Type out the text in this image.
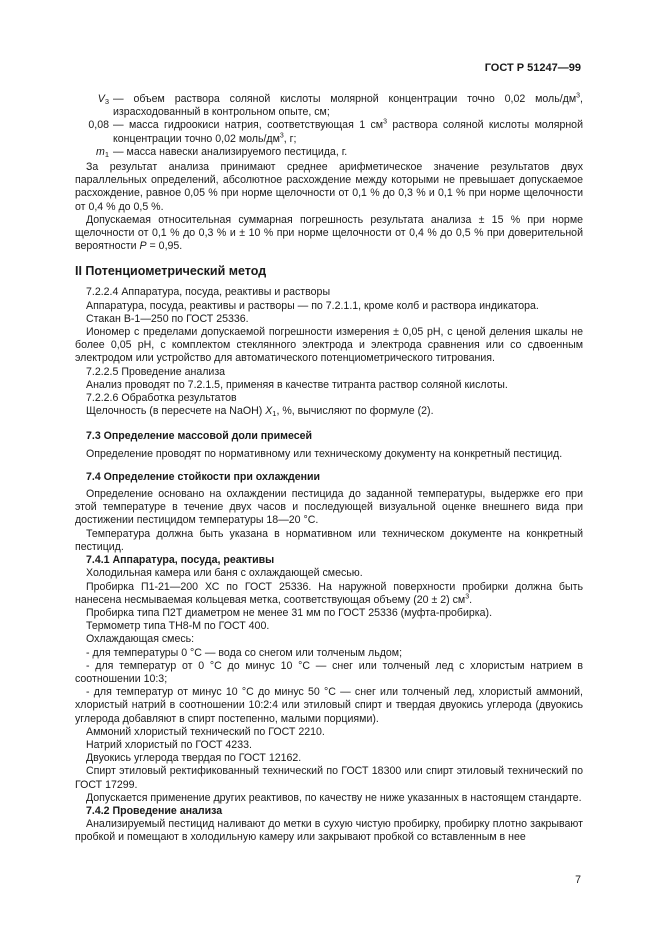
ГОСТ Р 51247—99
$V_3$ — объем раствора соляной кислоты молярной концентрации точно 0,02 моль/$дм^3$, израсходованный в контрольном опыте, см;
0,08 — масса гидроокиси натрия, соответствующая 1 $см^3$ раствора соляной кислоты молярной концентрации точно 0,02 моль/$дм^3$, г;
$m_1$ — масса навески анализируемого пестицида, г.

За результат анализа принимают среднее арифметическое значение результатов двух параллельных определений, абсолютное расхождение между которыми не превышает допускаемое расхождение, равное 0,05 % при норме щелочности от 0,1 % до 0,3 % и 0,1 % при норме щелочности от 0,4 % до 0,5 %.

Допускаемая относительная суммарная погрешность результата анализа ± 15 % при норме щелочности от 0,1 % до 0,3 % и ± 10 % при норме щелочности от 0,4 % до 0,5 % при доверительной вероятности P = 0,95.

II Потенциометрический метод

7.2.2.4 Аппаратура, посуда, реактивы и растворы

Аппаратура, посуда, реактивы и растворы — по 7.2.1.1, кроме колб и раствора индикатора.

Стакан В-1—250 по ГОСТ 25336.

Иономер с пределами допускаемой погрешности измерения ± 0,05 pH, с ценой деления шкалы не более 0,05 pH, с комплектом стеклянного электрода и электрода сравнения или со сдвоенным электродом или устройство для автоматического потенциометрического титрования.

7.2.2.5 Проведение анализа

Анализ проводят по 7.2.1.5, применяя в качестве титранта раствор соляной кислоты.

7.2.2.6 Обработка результатов

Щелочность (в пересчете на NaOH) $X_1$, %, вычисляют по формуле (2).

7.3 Определение массовой доли примесей

Определение проводят по нормативному или техническому документу на конкретный пестицид.

7.4 Определение стойкости при охлаждении

Определение основано на охлаждении пестицида до заданной температуры, выдержке его при этой температуре в течение двух часов и последующей визуальной оценке внешнего вида при достижении пестицидом температуры 18—20 °С.

Температура должна быть указана в нормативном или техническом документе на конкретный пестицид.

7.4.1 Аппаратура, посуда, реактивы

Холодильная камера или баня с охлаждающей смесью.

Пробирка П1-21—200 ХС по ГОСТ 25336. На наружной поверхности пробирки должна быть нанесена несмываемая кольцевая метка, соответствующая объему (20 ± 2) $см^3$.

Пробирка типа П2Т диаметром не менее 31 мм по ГОСТ 25336 (муфта-пробирка).

Термометр типа ТН8-М по ГОСТ 400.

Охлаждающая смесь:

- для температуры 0 °С — вода со снегом или толченым льдом;

- для температур от 0 °С до минус 10 °С — снег или толченый лед с хлористым натрием в соотношении 10:3;

- для температур от минус 10 °С до минус 50 °С — снег или толченый лед, хлористый аммоний, хлористый натрий в соотношении 10:2:4 или этиловый спирт и твердая двуокись углерода (двуокись углерода добавляют в спирт постепенно, малыми порциями).

Аммоний хлористый технический по ГОСТ 2210.

Натрий хлористый по ГОСТ 4233.

Двуокись углерода твердая по ГОСТ 12162.

Спирт этиловый ректификованный технический по ГОСТ 18300 или спирт этиловый технический по ГОСТ 17299.

Допускается применение других реактивов, по качеству не ниже указанных в настоящем стандарте.

7.4.2 Проведение анализа

Анализируемый пестицид наливают до метки в сухую чистую пробирку, пробирку плотно закрывают пробкой и помещают в холодильную камеру или закрывают пробкой со вставленным в нее

7
